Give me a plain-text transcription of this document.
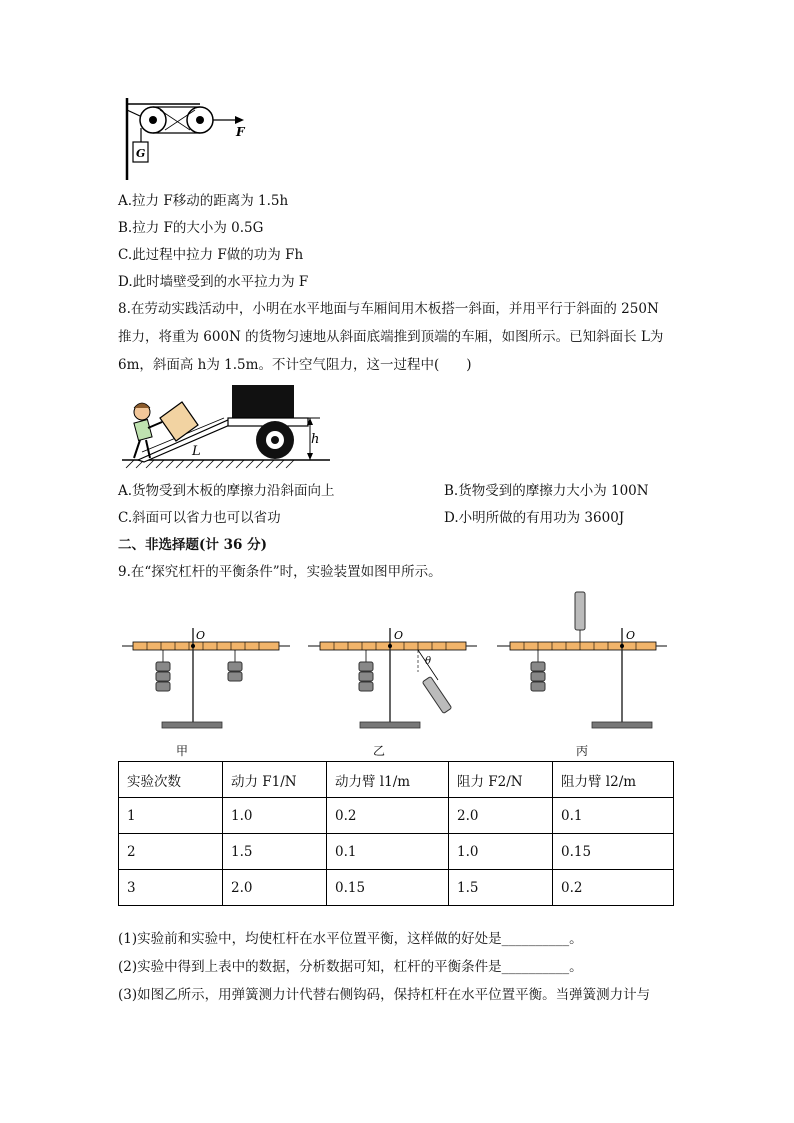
G
F
A.拉力 F移动的距离为 1.5h
B.拉力 F的大小为 0.5G
C.此过程中拉力 F做的功为 Fh
D.此时墙壁受到的水平拉力为 F
8.在劳动实践活动中，小明在水平地面与车厢间用木板搭一斜面，并用平行于斜面的 250N
推力，将重为 600N 的货物匀速地从斜面底端推到顶端的车厢，如图所示。已知斜面长 L为
6m，斜面高 h为 1.5m。不计空气阻力，这一过程中(　　)
L
h
A.货物受到木板的摩擦力沿斜面向上	B.货物受到的摩擦力大小为 100N
C.斜面可以省力也可以省功	D.小明所做的有用功为 3600J
二、非选择题(计 36 分)
9.在“探究杠杆的平衡条件”时，实验装置如图甲所示。
O
θ
O	O
甲	乙	丙
实验次数	动力 F1/N	动力臂 l1/m	阻力 F2/N	阻力臂 l2/m
1	1.0	0.2	2.0	0.1
2	1.5	0.1	1.0	0.15
3	2.0	0.15	1.5	0.2
(1)实验前和实验中，均使杠杆在水平位置平衡，这样做的好处是__________。
(2)实验中得到上表中的数据，分析数据可知，杠杆的平衡条件是__________。
(3)如图乙所示，用弹簧测力计代替右侧钩码，保持杠杆在水平位置平衡。当弹簧测力计与
